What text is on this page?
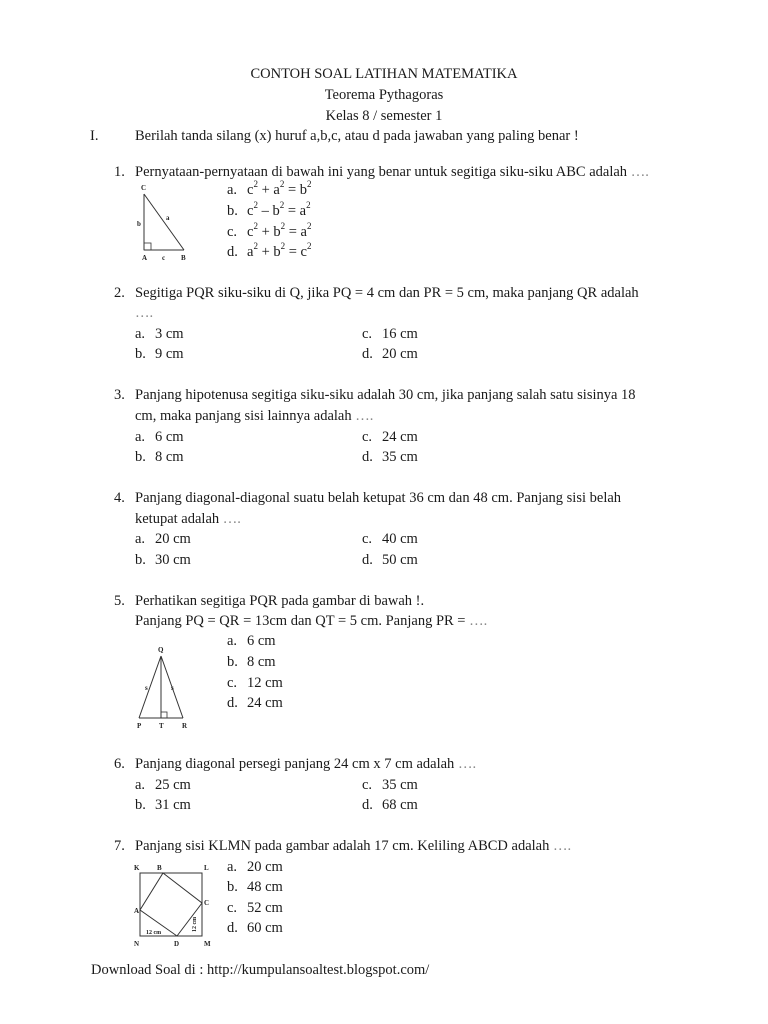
CONTOH SOAL LATIHAN MATEMATIKA
Teorema Pythagoras
Kelas 8 / semester 1
I.	Berilah tanda silang (x) huruf a,b,c, atau d pada jawaban yang paling benar !
1. Pernyataan-pernyataan di bawah ini yang benar untuk segitiga siku-siku ABC adalah ….
C
b
a
A c B
a. $c^2 + a^2 = b^2$
b. $c^2 - b^2 = a^2$
c. $c^2 + b^2 = a^2$
d. $a^2 + b^2 = c^2$
2. Segitiga PQR siku-siku di Q, jika PQ = 4 cm dan PR = 5 cm, maka panjang QR adalah
….
a. 3 cm
b. 9 cm
c. 16 cm
d. 20 cm
3. Panjang hipotenusa segitiga siku-siku adalah 30 cm, jika panjang salah satu sisinya 18
cm, maka panjang sisi lainnya adalah ….
a. 6 cm
b. 8 cm
c. 24 cm
d. 35 cm
4. Panjang diagonal-diagonal suatu belah ketupat 36 cm dan 48 cm. Panjang sisi belah
ketupat adalah ….
a. 20 cm
b. 30 cm
c. 40 cm
d. 50 cm
5. Perhatikan segitiga PQR pada gambar di bawah !.
Panjang PQ = QR = 13cm dan QT = 5 cm. Panjang PR = ….
Q
s	s
P	T	R
a. 6 cm
b. 8 cm
c. 12 cm
d. 24 cm
6. Panjang diagonal persegi panjang 24 cm x 7 cm adalah ….
a. 25 cm
b. 31 cm
c. 35 cm
d. 68 cm
7. Panjang sisi KLMN pada gambar adalah 17 cm. Keliling ABCD adalah ….
K	B	L
A
C
12 cm
12 cm
N	D	M
a. 20 cm
b. 48 cm
c. 52 cm
d. 60 cm
Download Soal di : http://kumpulansoaltest.blogspot.com/
